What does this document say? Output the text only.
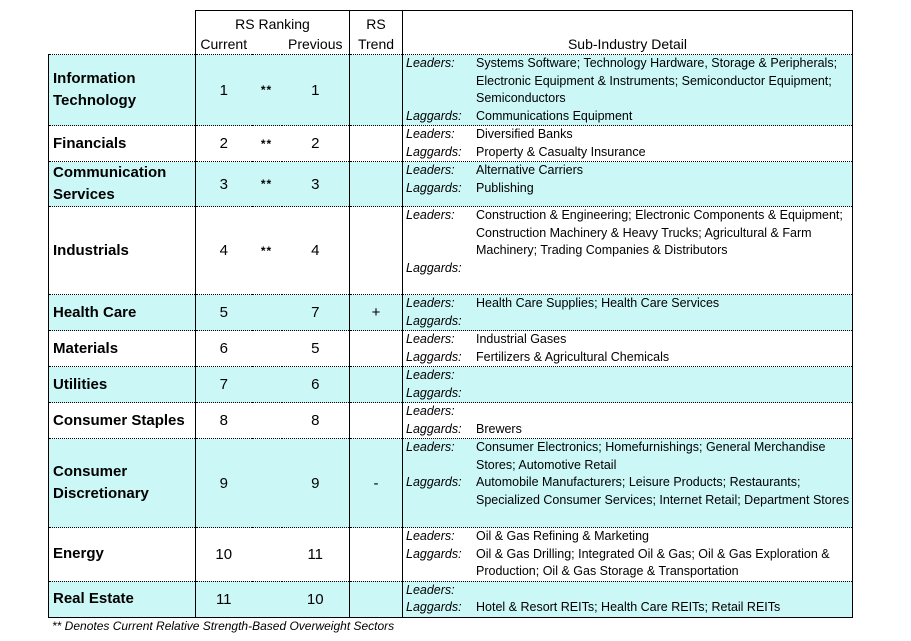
	RS Ranking			RS	
	Current		Previous	Trend	Sub-Industry Detail
Information Technology	1	**	1		Leaders: Systems Software; Technology Hardware, Storage & Peripherals; Electronic Equipment & Instruments; Semiconductor Equipment; Semiconductors
Laggards: Communications Equipment

Financials	2	**	2		Leaders: Diversified Banks
Laggards: Property & Casualty Insurance

Communication Services	3	**	3		Leaders: Alternative Carriers
Laggards: Publishing

Industrials	4	**	4		Leaders: Construction & Engineering; Electronic Components & Equipment; Construction Machinery & Heavy Trucks; Agricultural & Farm Machinery; Trading Companies & Distributors
Laggards:

Health Care	5		7	+	Leaders: Health Care Supplies; Health Care Services
Laggards:

Materials	6		5		Leaders: Industrial Gases
Laggards: Fertilizers & Agricultural Chemicals

Utilities	7		6		Leaders:
Laggards:

Consumer Staples	8		8		Leaders:
Laggards: Brewers

Consumer Discretionary	9		9	-	Leaders: Consumer Electronics; Homefurnishings; General Merchandise Stores; Automotive Retail
Laggards: Automobile Manufacturers; Leisure Products; Restaurants; Specialized Consumer Services; Internet Retail; Department Stores

Energy	10		11		Leaders: Oil & Gas Refining & Marketing
Laggards: Oil & Gas Drilling; Integrated Oil & Gas; Oil & Gas Exploration & Production; Oil & Gas Storage & Transportation

Real Estate	11		10		Leaders:
Laggards: Hotel & Resort REITs; Health Care REITs; Retail REITs
** Denotes Current Relative Strength-Based Overweight Sectors
